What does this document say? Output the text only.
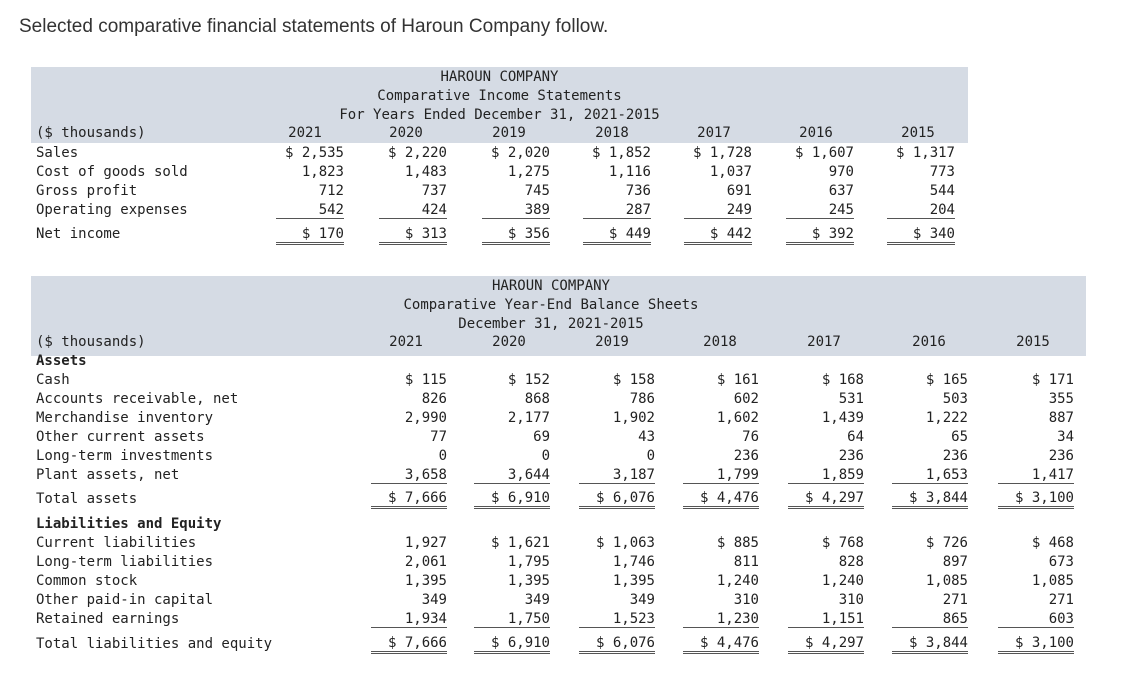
Selected comparative financial statements of Haroun Company follow.
HAROUN COMPANY
Comparative Income Statements
For Years Ended December 31, 2021-2015
($ thousands)	2021	2020	2019	2018	2017	2016	2015
Sales	$ 2,535	$ 2,220	$ 2,020	$ 1,852	$ 1,728	$ 1,607	$ 1,317
Cost of goods sold	1,823	1,483	1,275	1,116	1,037	970	773
Gross profit	712	737	745	736	691	637	544
Operating expenses	542	424	389	287	249	245	204
Net income	$ 170	$ 313	$ 356	$ 449	$ 442	$ 392	$ 340
HAROUN COMPANY
Comparative Year-End Balance Sheets
December 31, 2021-2015
($ thousands)	2021	2020	2019	2018	2017	2016	2015
Assets
Cash	$ 115	$ 152	$ 158	$ 161	$ 168	$ 165	$ 171
Accounts receivable, net	826	868	786	602	531	503	355
Merchandise inventory	2,990	2,177	1,902	1,602	1,439	1,222	887
Other current assets	77	69	43	76	64	65	34
Long-term investments	0	0	0	236	236	236	236
Plant assets, net	3,658	3,644	3,187	1,799	1,859	1,653	1,417
Total assets	$ 7,666	$ 6,910	$ 6,076	$ 4,476	$ 4,297	$ 3,844	$ 3,100
Liabilities and Equity
Current liabilities	1,927	$ 1,621	$ 1,063	$ 885	$ 768	$ 726	$ 468
Long-term liabilities	2,061	1,795	1,746	811	828	897	673
Common stock	1,395	1,395	1,395	1,240	1,240	1,085	1,085
Other paid-in capital	349	349	349	310	310	271	271
Retained earnings	1,934	1,750	1,523	1,230	1,151	865	603
Total liabilities and equity	$ 7,666	$ 6,910	$ 6,076	$ 4,476	$ 4,297	$ 3,844	$ 3,100
